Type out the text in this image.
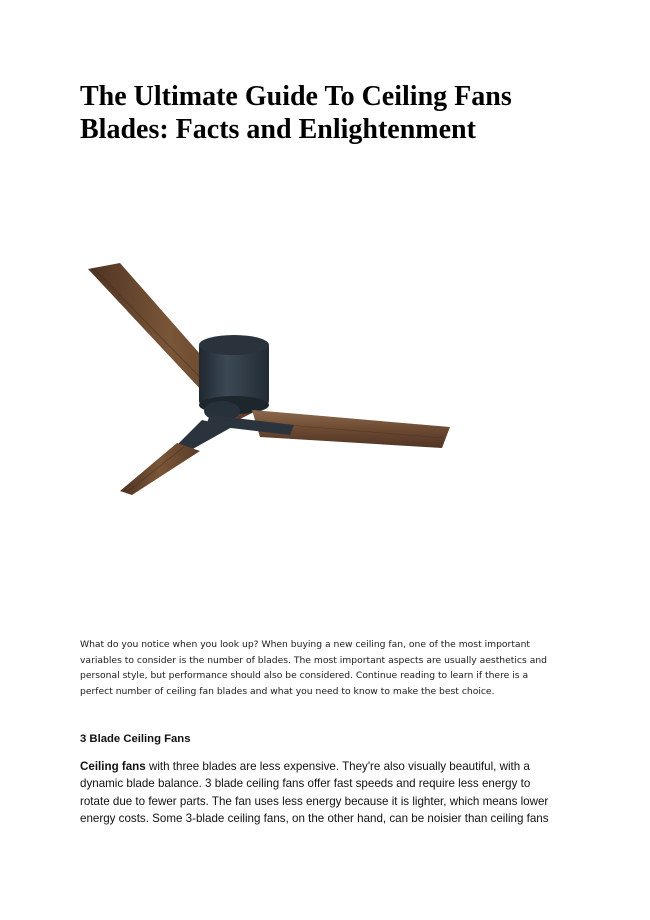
The Ultimate Guide To Ceiling Fans
Blades: Facts and Enlightenment

What do you notice when you look up? When buying a new ceiling fan, one of the most important
variables to consider is the number of blades. The most important aspects are usually aesthetics and
personal style, but performance should also be considered. Continue reading to learn if there is a
perfect number of ceiling fan blades and what you need to know to make the best choice.

3 Blade Ceiling Fans

Ceiling fans with three blades are less expensive. They're also visually beautiful, with a
dynamic blade balance. 3 blade ceiling fans offer fast speeds and require less energy to
rotate due to fewer parts. The fan uses less energy because it is lighter, which means lower
energy costs. Some 3-blade ceiling fans, on the other hand, can be noisier than ceiling fans
